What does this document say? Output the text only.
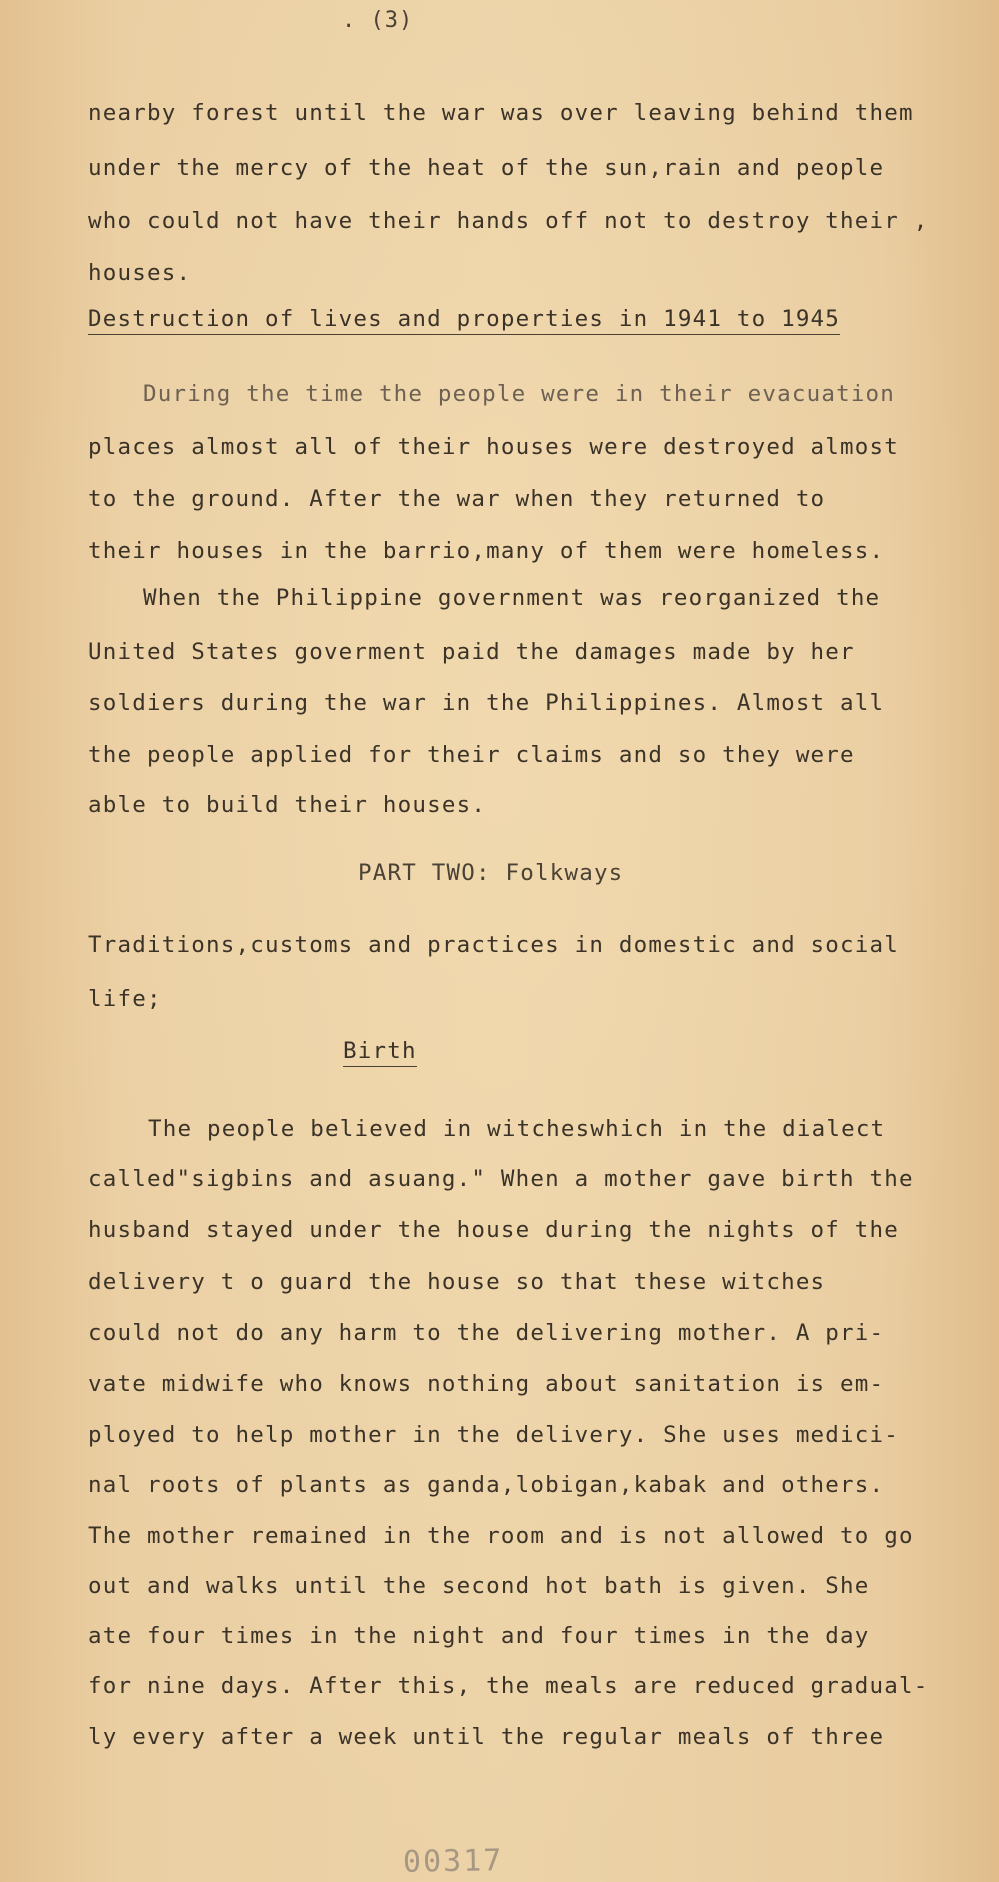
. (3)
nearby forest until the war was over leaving behind them
under the mercy of the heat of the sun,rain and people
who could not have their hands off not to destroy their ,
houses.
Destruction of lives and properties in 1941 to 1945
During the time the people were in their evacuation
places almost all of their houses were destroyed almost
to the ground. After the war when they returned to
their houses in the barrio,many of them were homeless.
When the Philippine government was reorganized the
United States goverment paid the damages made by her
soldiers during the war in the Philippines. Almost all
the people applied for their claims and so they were
able to build their houses.
PART TWO: Folkways
Traditions,customs and practices in domestic and social
life;
Birth
The people believed in witcheswhich in the dialect
called"sigbins and asuang." When a mother gave birth the
husband stayed under the house during the nights of the
delivery t o guard the house so that these witches
could not do any harm to the delivering mother. A pri-
vate midwife who knows nothing about sanitation is em-
ployed to help mother in the delivery. She uses medici-
nal roots of plants as ganda,lobigan,kabak and others.
The mother remained in the room and is not allowed to go
out and walks until the second hot bath is given. She
ate four times in the night and four times in the day
for nine days. After this, the meals are reduced gradual-
ly every after a week until the regular meals of three
00317
